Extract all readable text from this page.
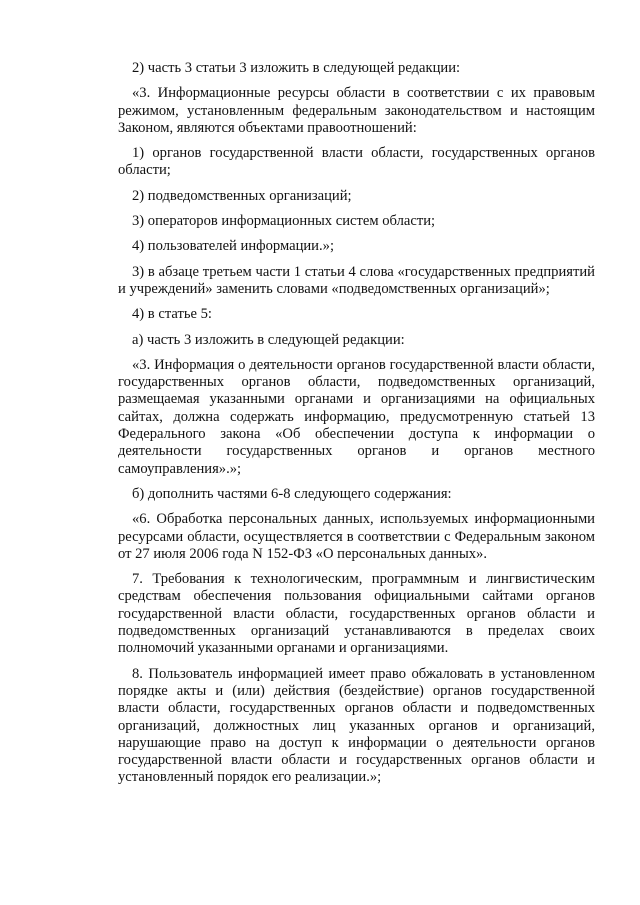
2) часть 3 статьи 3 изложить в следующей редакции:

«3. Информационные ресурсы области в соответствии с их правовым режимом, установленным федеральным законодательством и настоящим Законом, являются объектами правоотношений:

1) органов государственной власти области, государственных органов области;

2) подведомственных организаций;

3) операторов информационных систем области;

4) пользователей информации.»;

3) в абзаце третьем части 1 статьи 4 слова «государственных предприятий и учреждений» заменить словами «подведомственных организаций»;

4) в статье 5:

а) часть 3 изложить в следующей редакции:

«3. Информация о деятельности органов государственной власти области, государственных органов области, подведомственных организаций, размещаемая указанными органами и организациями на официальных сайтах, должна содержать информацию, предусмотренную статьей 13 Федерального закона «Об обеспечении доступа к информации о деятельности государственных органов и органов местного самоуправления».»;

б) дополнить частями 6-8 следующего содержания:

«6. Обработка персональных данных, используемых информационными ресурсами области, осуществляется в соответствии с Федеральным законом от 27 июля 2006 года N 152-ФЗ «О персональных данных».

7. Требования к технологическим, программным и лингвистическим средствам обеспечения пользования официальными сайтами органов государственной власти области, государственных органов области и подведомственных организаций устанавливаются в пределах своих полномочий указанными органами и организациями.

8. Пользователь информацией имеет право обжаловать в установленном порядке акты и (или) действия (бездействие) органов государственной власти области, государственных органов области и подведомственных организаций, должностных лиц указанных органов и организаций, нарушающие право на доступ к информации о деятельности органов государственной власти области и государственных органов области и установленный порядок его реализации.»;
